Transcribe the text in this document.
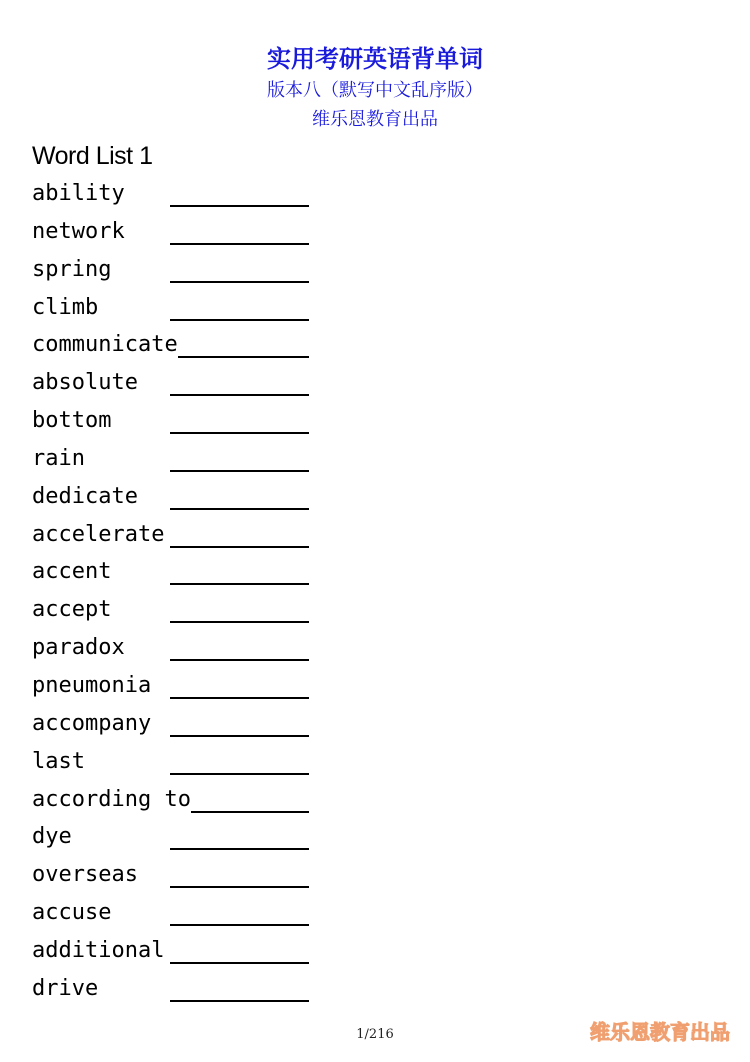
实用考研英语背单词
版本八（默写中文乱序版）
维乐恩教育出品
Word List 1
ability
network
spring
climb
communicate
absolute
bottom
rain
dedicate
accelerate
accent
accept
paradox
pneumonia
accompany
last
according to
dye
overseas
accuse
additional
drive
1/216	维乐恩教育出品
